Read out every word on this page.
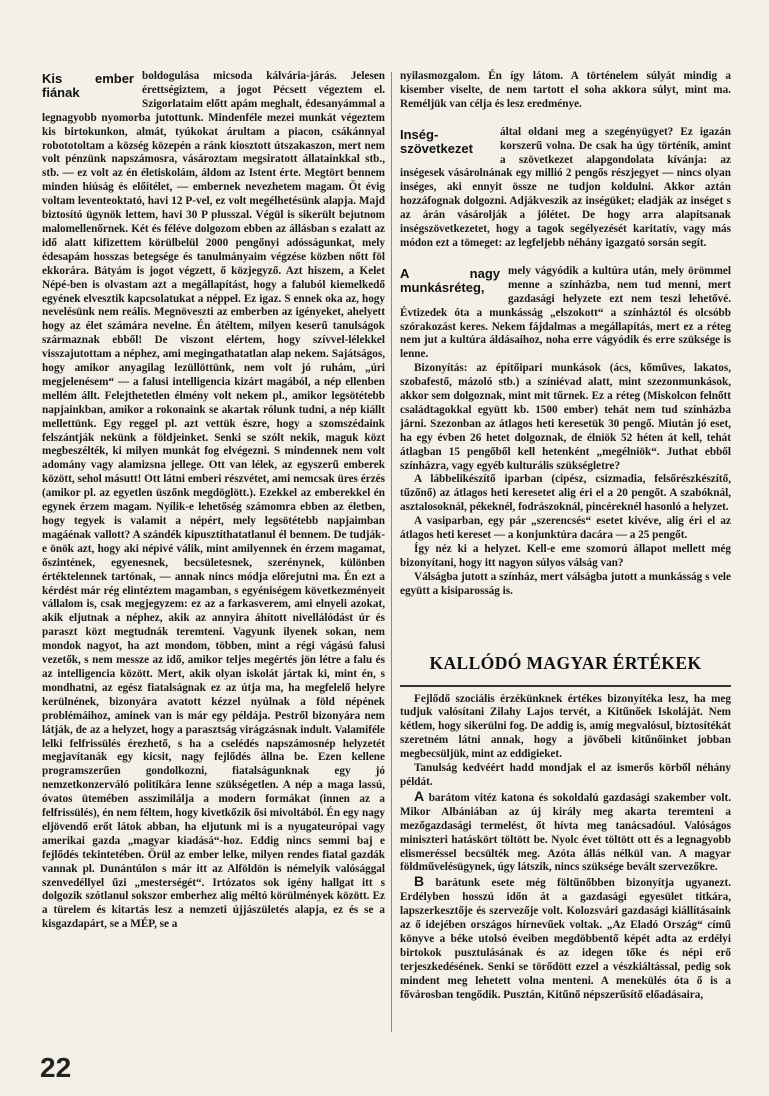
Kis ember fiának

boldogulása micsoda kálvária-járás. Jelesen érettségiztem, a jogot Pécsett végeztem el. Szigorlataim előtt apám meghalt, édesanyámmal a legnagyobb nyomorba jutottunk. Mindenféle mezei munkát végeztem kis birtokunkon, almát, tyúkokat árultam a piacon, csákánnyal robototoltam a község közepén a ránk kiosztott útszakaszon, mert nem volt pénzünk napszámosra, vásároztam megsiratott állatainkkal stb., stb. — ez volt az én életiskolám, áldom az Istent érte. Megtört bennem minden hiúság és előítélet, — embernek nevezhetem magam. Öt évig voltam leventeoktató, havi 12 P-vel, ez volt megélhetésünk alapja. Majd biztosító ügynök lettem, havi 30 P plusszal. Végül is sikerült bejutnom malomellenőrnek. Két és féléve dolgozom ebben az állásban s ezalatt az idő alatt kifizettem körülbelül 2000 pengőnyi adósságunkat, mely édesapám hosszas betegsége és tanulmányaim végzése közben nőtt föl ekkorára. Bátyám is jogot végzett, ő közjegyző. Azt hiszem, a Kelet Népé-ben is olvastam azt a megállapítást, hogy a faluból kiemelkedő egyének elvesztik kapcsolatukat a néppel. Ez igaz. S ennek oka az, hogy nevelésünk nem reális. Megnöveszti az emberben az igényeket, ahelyett hogy az élet számára nevelne. Én átéltem, milyen keserű tanulságok származnak ebből! De viszont elértem, hogy szívvel-lélekkel visszajutottam a néphez, ami megingathatatlan alap nekem. Sajátságos, hogy amikor anyagilag lezüllöttünk, nem volt jó ruhám, „úri megjelenésem“ — a falusi intelligencia kizárt magából, a nép ellenben mellém állt. Felejthetetlen élmény volt nekem pl., amikor legsötétebb napjainkban, amikor a rokonaink se akartak rólunk tudni, a nép kiállt mellettünk. Egy reggel pl. azt vettük észre, hogy a szomszédaink felszántják nekünk a földjeinket. Senki se szólt nekik, maguk közt megbeszélték, ki milyen munkát fog elvégezni. S mindennek nem volt adomány vagy alamizsna jellege. Ott van lélek, az egyszerű emberek között, sehol másutt! Ott látni emberi részvétet, ami nemcsak üres érzés (amikor pl. az egyetlen üszőnk megdöglött.). Ezekkel az emberekkel én egynek érzem magam. Nyílik-e lehetőség számomra ebben az életben, hogy tegyek is valamit a népért, mely legsötétebb napjaimban magáénak vallott? A szándék kipusztíthatatlanul él bennem. De tudják-e önök azt, hogy aki népivé válik, mint amilyennek én érzem magamat, őszintének, egyenesnek, becsületesnek, szerénynek, különben értéktelennek tartónak, — annak nincs módja előrejutni ma. Én ezt a kérdést már rég elintéztem magamban, s egyéniségem következményeit vállalom is, csak megjegyzem: ez az a farkasverem, ami elnyeli azokat, akik eljutnak a néphez, akik az annyira áhított nivellálódást úr és paraszt közt megtudnák teremteni. Vagyunk ilyenek sokan, nem mondok nagyot, ha azt mondom, többen, mint a régi vágású falusi vezetők, s nem messze az idő, amikor teljes megértés jön létre a falu és az intelligencia között. Mert, akik olyan iskolát jártak ki, mint én, s mondhatni, az egész fiatalságnak ez az útja ma, ha megfelelő helyre kerülnének, bizonyára avatott kézzel nyúlnak a föld népének problémáihoz, aminek van is már egy példája. Pestről bizonyára nem látják, de az a helyzet, hogy a parasztság virágzásnak indult. Valamiféle lelki felfrissülés érezhető, s ha a cselédés napszámosnép helyzetét megjavítanák egy kicsit, nagy fejlődés állna be. Ezen kellene programszerűen gondolkozni, fiatalságunknak egy jó nemzetkonzerváló politikára lenne szükségetlen. A nép a maga lassú, óvatos ütemében asszimilálja a modern formákat (innen az a felfrissülés), én nem féltem, hogy kivetkőzik ősi mivoltából. Én egy nagy eljövendő erőt látok abban, ha eljutunk mi is a nyugateurópai vagy amerikai gazda „magyar kiadásá“-hoz. Eddig nincs semmi baj e fejlődés tekintetében. Örül az ember lelke, milyen rendes fiatal gazdák vannak pl. Dunántúlon s már itt az Alföldön is némelyik valósággal szenvedéllyel űzi „mesterségét“. Irtózatos sok igény hallgat itt s dolgozik szótlanul sokszor emberhez alig méltó körülmények között. Ez a türelem és kitartás lesz a nemzeti újjászületés alapja, ez és se a kisgazdapárt, se a MÉP, se a

nyilasmozgalom. Én így látom. A történelem súlyát mindig a kisember viselte, de nem tartott el soha akkora súlyt, mint ma. Reméljük van célja és lesz eredménye.

Inség-szövetkezet

által oldani meg a szegényügyet? Ez igazán korszerű volna. De csak ha úgy történik, amint a szövetkezet alapgondolata kívánja: az inségesek vásárolnának egy millió 2 pengős részjegyet — nincs olyan inséges, aki ennyit össze ne tudjon koldulni. Akkor aztán hozzáfognak dolgozni. Adjákveszik az inségüket; eladják az inséget s az árán vásárolják a jólétet. De hogy arra alapítsanak inségszövetkezetet, hogy a tagok segélyezését karitatív, vagy más módon ezt a tömeget: az legfeljebb néhány igazgató sorsán segít.

A nagy munkásréteg,

mely vágyódik a kultúra után, mely örömmel menne a színházba, nem tud menni, mert gazdasági helyzete ezt nem teszi lehetővé. Évtizedek óta a munkásság „elszokott“ a színháztól és olcsóbb szórakozást keres. Nekem fájdalmas a megállapítás, mert ez a réteg nem jut a kultúra áldásaihoz, noha erre vágyódik és erre szüksége is lenne.

Bizonyítás: az építőipari munkások (ács, kőműves, lakatos, szobafestő, mázoló stb.) a színiévad alatt, mint szezonmunkások, akkor sem dolgoznak, mint mit tűrnek. Ez a réteg (Miskolcon felnőtt családtagokkal együtt kb. 1500 ember) tehát nem tud színházba járni. Szezonban az átlagos heti keresetük 30 pengő. Miután jó eset, ha egy évben 26 hetet dolgoznak, de élniök 52 héten át kell, tehát átlagban 15 pengőből kell hetenként „megélniök“. Juthat ebből színházra, vagy egyéb kulturális szükségletre?

A lábbelikészítő iparban (cipész, csizmadia, felsőrészkészítő, tűzőnő) az átlagos heti keresetet alig éri el a 20 pengőt. A szabóknál, asztalosoknál, pékeknél, fodrászoknál, pincéreknél hasonló a helyzet.

A vasiparban, egy pár „szerencsés“ esetet kivéve, alig éri el az átlagos heti kereset — a konjunktúra dacára — a 25 pengőt.

Így néz ki a helyzet. Kell-e eme szomorú állapot mellett még bizonyítani, hogy itt nagyon súlyos válság van?

Válságba jutott a színház, mert válságba jutott a munkásság s vele együtt a kisiparosság is.

KALLÓDÓ MAGYAR ÉRTÉKEK

Fejlődő szociális érzékünknek értékes bizonyítéka lesz, ha meg tudjuk valósítani Zilahy Lajos tervét, a Kitűnőek Iskoláját. Nem kétlem, hogy sikerülni fog. De addig is, amíg megvalósul, biztosítékát szeretném látni annak, hogy a jövőbeli kitűnőinket jobban megbecsüljük, mint az eddigieket.

Tanulság kedvéért hadd mondjak el az ismerős körből néhány példát.

A barátom vitéz katona és sokoldalú gazdasági szakember volt. Mikor Albániában az új király meg akarta teremteni a mezőgazdasági termelést, őt hívta meg tanácsadóul. Valóságos miniszteri hatáskört töltött be. Nyolc évet töltött ott és a legnagyobb elismeréssel becsülték meg. Azóta állás nélkül van. A magyar földművelésügynek, úgy látszik, nincs szüksége bevált szervezőkre.

B barátunk esete még föltűnőbben bizonyítja ugyanezt. Erdélyben hosszú időn át a gazdasági egyesület titkára, lapszerkesztője és szervezője volt. Kolozsvári gazdasági kiállításaink az ő idejében országos hírnevűek voltak. „Az Eladó Ország“ című könyve a béke utolsó éveiben megdöbbentő képét adta az erdélyi birtokok pusztulásának és az idegen tőke és népi erő terjeszkedésének. Senki se törődött ezzel a vészkiáltással, pedig sok mindent meg lehetett volna menteni. A menekülés óta ő is a fővárosban tengődik. Pusztán, Kitűnő népszerűsítő előadásaira,

22
